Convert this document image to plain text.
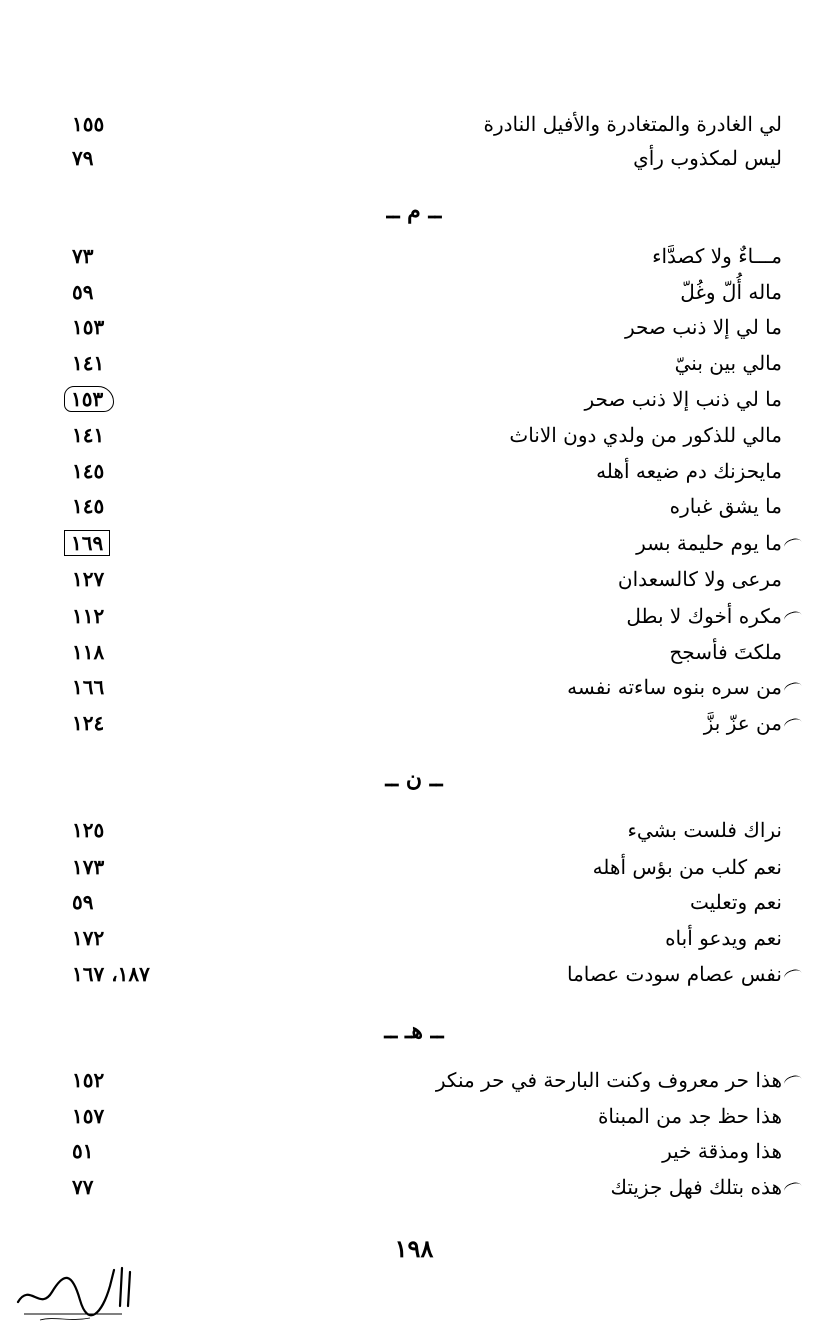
لي الغادرة والمتغادرة والأفيل النادرة
١٥٥
ليس لمكذوب رأي
٧٩
ــ م ــ
مـــاءٌ ولا كصدَّاء
٧٣
ماله أُلّ وغُلّ
٥٩
ما لي إلا ذنب صحر
١٥٣
مالي بين بنيّ
١٤١
ما لي ذنب إلا ذنب صحر
١٥٣
مالي للذكور من ولدي دون الاناث
١٤١
مايحزنك دم ضيعه أهله
١٤٥
ما يشق غباره
١٤٥
ما يوم حليمة بسر
١٦٩
مرعى ولا كالسعدان
١٢٧
مكره أخوك لا بطل
١١٢
ملكتَ فأسجح
١١٨
من سره بنوه ساءته نفسه
١٦٦
من عزّ بزَّ
١٢٤
ــ ن ــ
نراك فلست بشيء
١٢٥
نعم كلب من بؤس أهله
١٧٣
نعم وتعليت
٥٩
نعم ويدعو أباه
١٧٢
نفس عصام سودت عصاما
١٨٧، ١٦٧
ــ هـ ــ
هذا حر معروف وكنت البارحة في حر منكر
١٥٢
هذا حظ جد من المبناة
١٥٧
هذا ومذقة خير
٥١
هذه بتلك فهل جزيتك
٧٧
١٩٨
